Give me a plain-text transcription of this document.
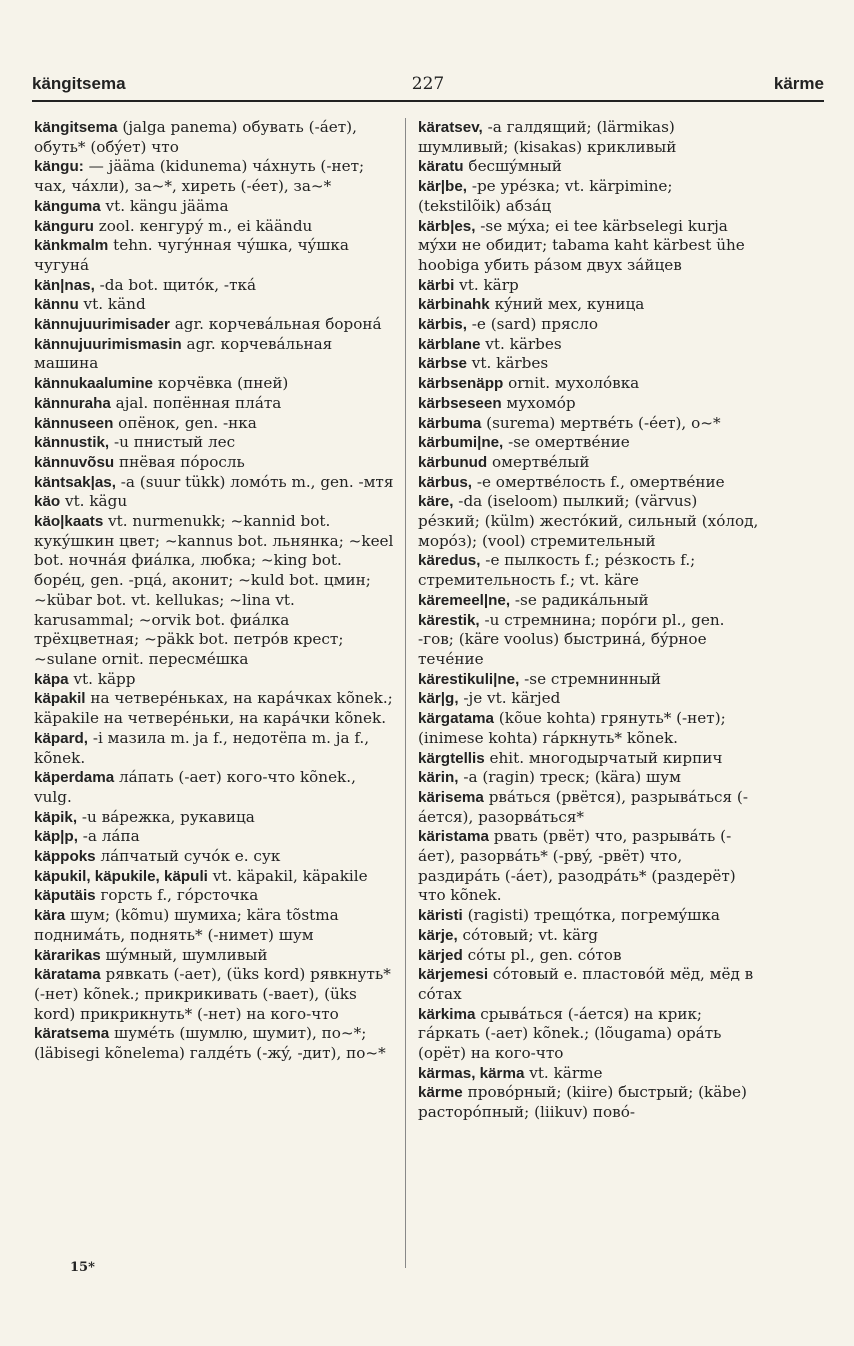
kängitsema	227	kärme
kängitsema (jalga panema) обувать (-áет), обуть* (обýет) что
kängu: — jääma (kidunema) чáхнуть (-нет; чах, чáхли), за~*, хиреть (-éет), за~*
känguma vt. kängu jääma
känguru zool. кенгурý m., ei käändu
känkmalm tehn. чугýнная чýшка, чýшка чугунá
kän|nas, -da bot. щитóк, -ткá
kännu vt. känd
kännujuurimisader agr. корчевáльная боронá
kännujuurimismasin agr. корчевáльная машина
kännukaalumine корчёвка (пней)
kännuraha ajal. попённая плáта
kännuseen опёнок, gen. -нка
kännustik, -u пнистый лес
kännuvõsu пнёвая пóросль
käntsak|as, -a (suur tükk) ломóть m., gen. -мтя
käo vt. kägu
käo|kaats vt. nurmenukk; ~kannid bot. кукýшкин цвет; ~kannus bot. льнянка; ~keel bot. ночнáя фиáлка, любка; ~king bot. борéц, gen. -рцá, аконит; ~kuld bot. цмин; ~kübar bot. vt. kellukas; ~lina vt. karusammal; ~orvik bot. фиáлка трёхцветная; ~päkk bot. петрóв крест; ~sulane ornit. пересмéшка
käpa vt. käpp
käpakil на четверéньках, на карáчках kõnek.; käpakile на четверéньки, на карáчки kõnek.
käpard, -i мазила m. ja f., недотёпа m. ja f., kõnek.
käperdama лáпать (-ает) кого-что kõnek., vulg.
käpik, -u вáрежка, рукавица
käp|p, -a лáпа
käppoks лáпчатый сучóк e. сук
käpukil, käpukile, käpuli vt. käpakil, käpakile
käputäis горсть f., гóрсточка
kära шум; (kõmu) шумиха; kära tõstma поднимáть, поднять* (-нимет) шум
kärarikas шýмный, шумливый
käratama рявкать (-ает), (üks kord) рявкнуть* (-нет) kõnek.; прикрикивать (-вает), (üks kord) прикрикнуть* (-нет) на кого-что
käratsema шумéть (шумлю, шумит), по~*; (läbisegi kõnelema) галдéть (-жý, -дит), по~*
käratsev, -a галдящий; (lärmikas) шумливый; (kisakas) крикливый
käratu бесшýмный
kär|be, -pe урéзка; vt. kärpimine; (tekstilõik) абзáц
kärb|es, -se мýха; ei tee kärbselegi kurja мýхи не обидит; tabama kaht kärbest ühe hoobiga убить рáзом двух зáйцев
kärbi vt. kärp
kärbinahk кýний мех, куница
kärbis, -e (sard) прясло
kärblane vt. kärbes
kärbse vt. kärbes
kärbsenäpp ornit. мухолóвка
kärbseseen мухомóр
kärbuma (surema) мертвéть (-éет), о~*
kärbumi|ne, -se омертвéние
kärbunud омертвéлый
kärbus, -e омертвéлость f., омертвéние
käre, -da (iseloom) пылкий; (värvus) рéзкий; (külm) жестóкий, сильный (хóлод, морóз); (vool) стремительный
käredus, -e пылкость f.; рéзкость f.; стремительность f.; vt. käre
käremeel|ne, -se радикáльный
kärestik, -u стремнина; порóги pl., gen. -гов; (käre voolus) быстринá, бýрное течéние
kärestikuli|ne, -se стремнинный
kär|g, -je vt. kärjed
kärgatama (kõue kohta) грянуть* (-нет); (inimese kohta) гáркнуть* kõnek.
kärgtellis ehit. многодырчатый кирпич
kärin, -a (ragin) треск; (kära) шум
kärisema рвáться (рвётся), разрывáться (-áется), разорвáться*
käristama рвать (рвёт) что, разрывáть (-áет), разорвáть* (-рвý, -рвёт) что, раздирáть (-áет), разодрáть* (раздерёт) что kõnek.
käristi (ragisti) трещóтка, погремýшка
kärje, сóтовый; vt. kärg
kärjed сóты pl., gen. сóтов
kärjemesi сóтовый e. пластовóй мёд, мёд в сóтах
kärkima срывáться (-áется) на крик; гáркать (-ает) kõnek.; (lõugama) орáть (орёт) на кого-что
kärmas, kärma vt. kärme
kärme провóрный; (kiire) быстрый; (käbe) расторóпный; (liikuv) повó-
15*
